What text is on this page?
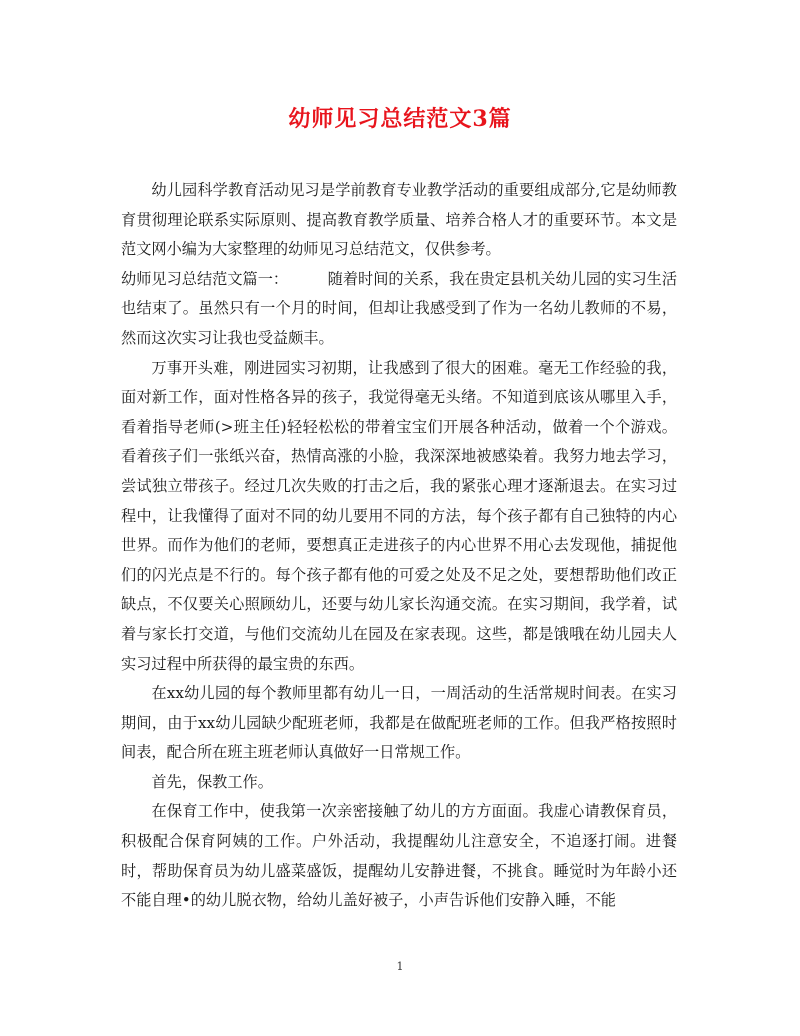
幼师见习总结范文3篇

幼儿园科学教育活动见习是学前教育专业教学活动的重要组成部分,它是幼师教育贯彻理论联系实际原则、提高教育教学质量、培养合格人才的重要环节。本文是范文网小编为大家整理的幼师见习总结范文，仅供参考。

幼师见习总结范文篇一：	随着时间的关系，我在贵定县机关幼儿园的实习生活也结束了。虽然只有一个月的时间，但却让我感受到了作为一名幼儿教师的不易，然而这次实习让我也受益颇丰。

万事开头难，刚进园实习初期，让我感到了很大的困难。毫无工作经验的我，面对新工作，面对性格各异的孩子，我觉得毫无头绪。不知道到底该从哪里入手，看着指导老师(>班主任)轻轻松松的带着宝宝们开展各种活动，做着一个个游戏。看着孩子们一张纸兴奋，热情高涨的小脸，我深深地被感染着。我努力地去学习，尝试独立带孩子。经过几次失败的打击之后，我的紧张心理才逐渐退去。在实习过程中，让我懂得了面对不同的幼儿要用不同的方法，每个孩子都有自己独特的内心世界。而作为他们的老师，要想真正走进孩子的内心世界不用心去发现他，捕捉他们的闪光点是不行的。每个孩子都有他的可爱之处及不足之处，要想帮助他们改正缺点，不仅要关心照顾幼儿，还要与幼儿家长沟通交流。在实习期间，我学着，试着与家长打交道，与他们交流幼儿在园及在家表现。这些，都是饿哦在幼儿园夫人实习过程中所获得的最宝贵的东西。

在xx幼儿园的每个教师里都有幼儿一日，一周活动的生活常规时间表。在实习期间，由于xx幼儿园缺少配班老师，我都是在做配班老师的工作。但我严格按照时间表，配合所在班主班老师认真做好一日常规工作。

首先，保教工作。

在保育工作中，使我第一次亲密接触了幼儿的方方面面。我虚心请教保育员，积极配合保育阿姨的工作。户外活动，我提醒幼儿注意安全，不追逐打闹。进餐时，帮助保育员为幼儿盛菜盛饭，提醒幼儿安静进餐，不挑食。睡觉时为年龄小还不能自理•的幼儿脱衣物，给幼儿盖好被子，小声告诉他们安静入睡，不能

1
